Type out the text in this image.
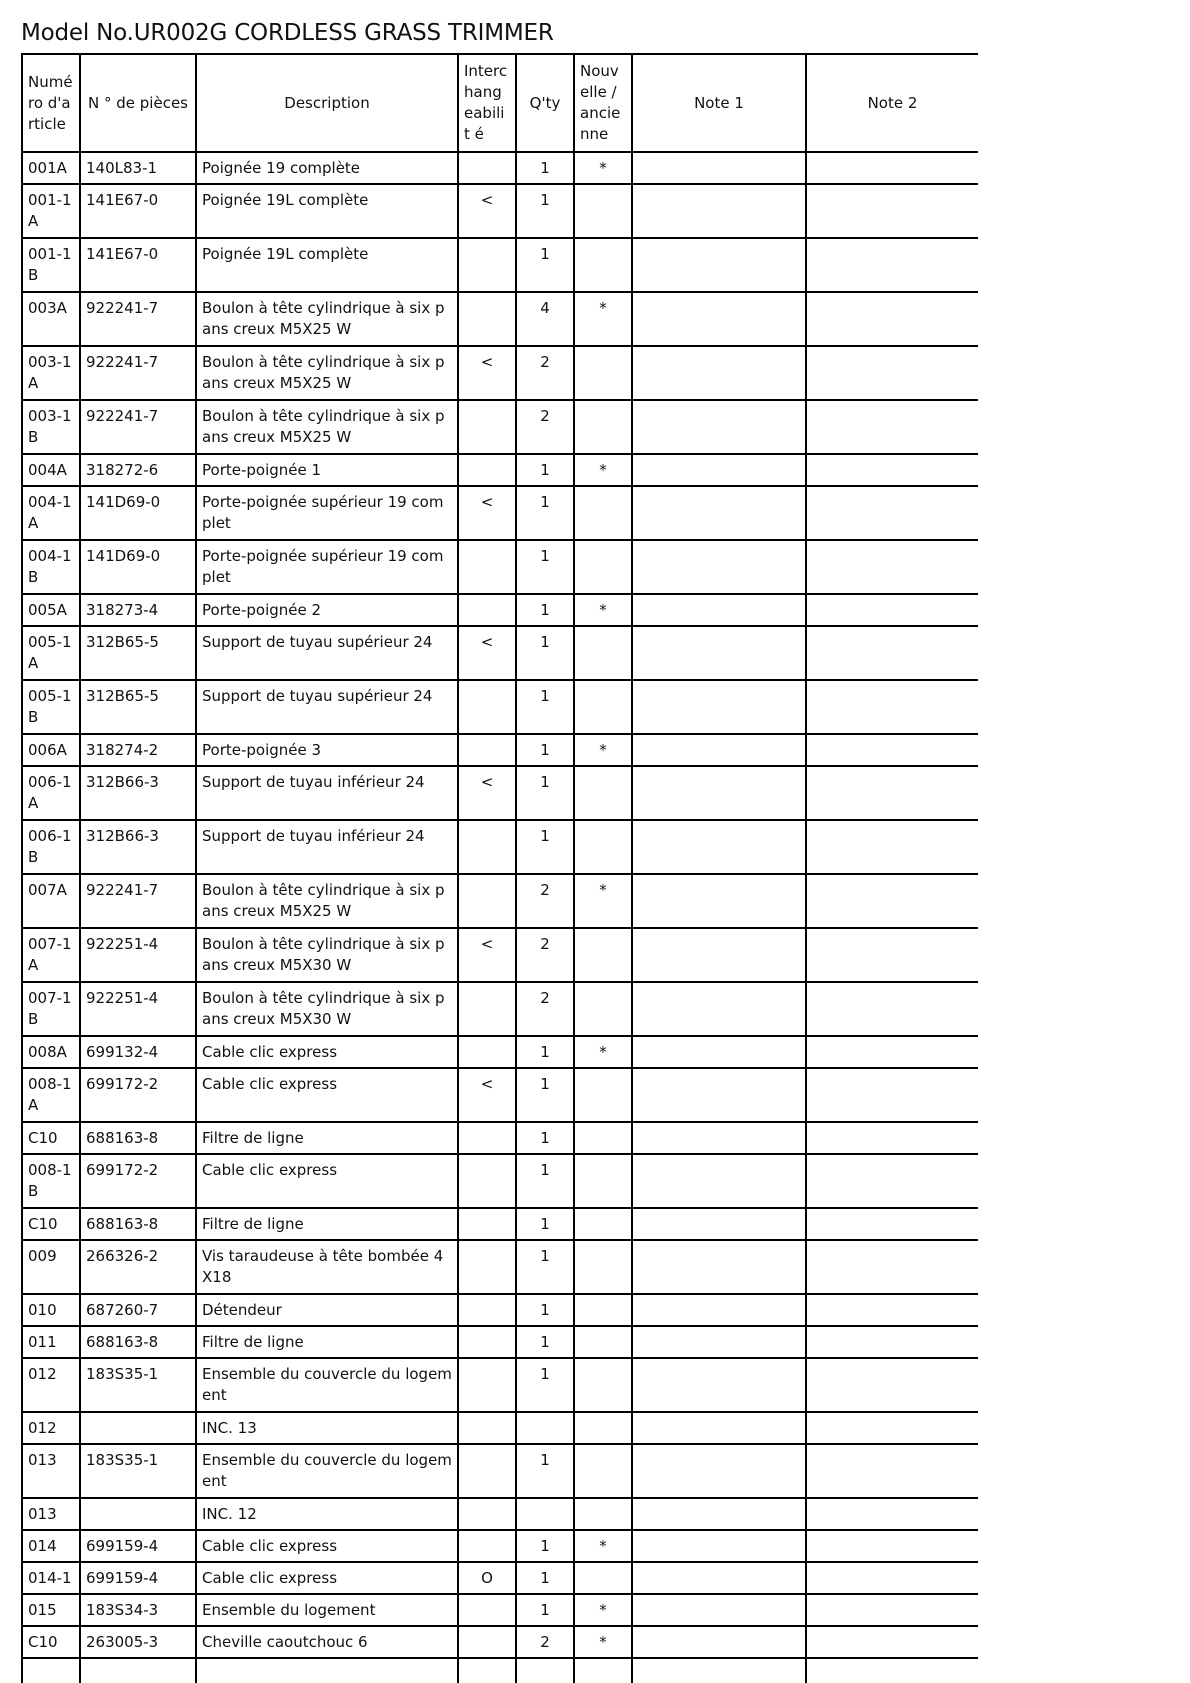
Model No.UR002G CORDLESS GRASS TRIMMER
Numé ro d'a rticle	N ° de pièces	Description	Interc hang eabilit é	Q'ty	Nouv elle / ancie nne	Note 1	Note 2
001A	140L83-1	Poignée 19 complète		1	*		
001-1A	141E67-0	Poignée 19L complète	<	1			
001-1B	141E67-0	Poignée 19L complète		1			
003A	922241-7	Boulon à tête cylindrique à six pans creux M5X25 W		4	*		
003-1A	922241-7	Boulon à tête cylindrique à six pans creux M5X25 W	<	2			
003-1B	922241-7	Boulon à tête cylindrique à six pans creux M5X25 W		2			
004A	318272-6	Porte-poignée 1		1	*		
004-1A	141D69-0	Porte-poignée supérieur 19 complet	<	1			
004-1B	141D69-0	Porte-poignée supérieur 19 complet		1			
005A	318273-4	Porte-poignée 2		1	*		
005-1A	312B65-5	Support de tuyau supérieur 24	<	1			
005-1B	312B65-5	Support de tuyau supérieur 24		1			
006A	318274-2	Porte-poignée 3		1	*		
006-1A	312B66-3	Support de tuyau inférieur 24	<	1			
006-1B	312B66-3	Support de tuyau inférieur 24		1			
007A	922241-7	Boulon à tête cylindrique à six pans creux M5X25 W		2	*		
007-1A	922251-4	Boulon à tête cylindrique à six pans creux M5X30 W	<	2			
007-1B	922251-4	Boulon à tête cylindrique à six pans creux M5X30 W		2			
008A	699132-4	Cable clic express		1	*		
008-1A	699172-2	Cable clic express	<	1			
C10	688163-8	Filtre de ligne		1			
008-1B	699172-2	Cable clic express		1			
C10	688163-8	Filtre de ligne		1			
009	266326-2	Vis taraudeuse à tête bombée 4X18		1			
010	687260-7	Détendeur		1			
011	688163-8	Filtre de ligne		1			
012	183S35-1	Ensemble du couvercle du logement		1			
012		INC. 13					
013	183S35-1	Ensemble du couvercle du logement		1			
013		INC. 12					
014	699159-4	Cable clic express		1	*		
014-1	699159-4	Cable clic express	O	1			
015	183S34-3	Ensemble du logement		1	*		
C10	263005-3	Cheville caoutchouc 6		2	*		
